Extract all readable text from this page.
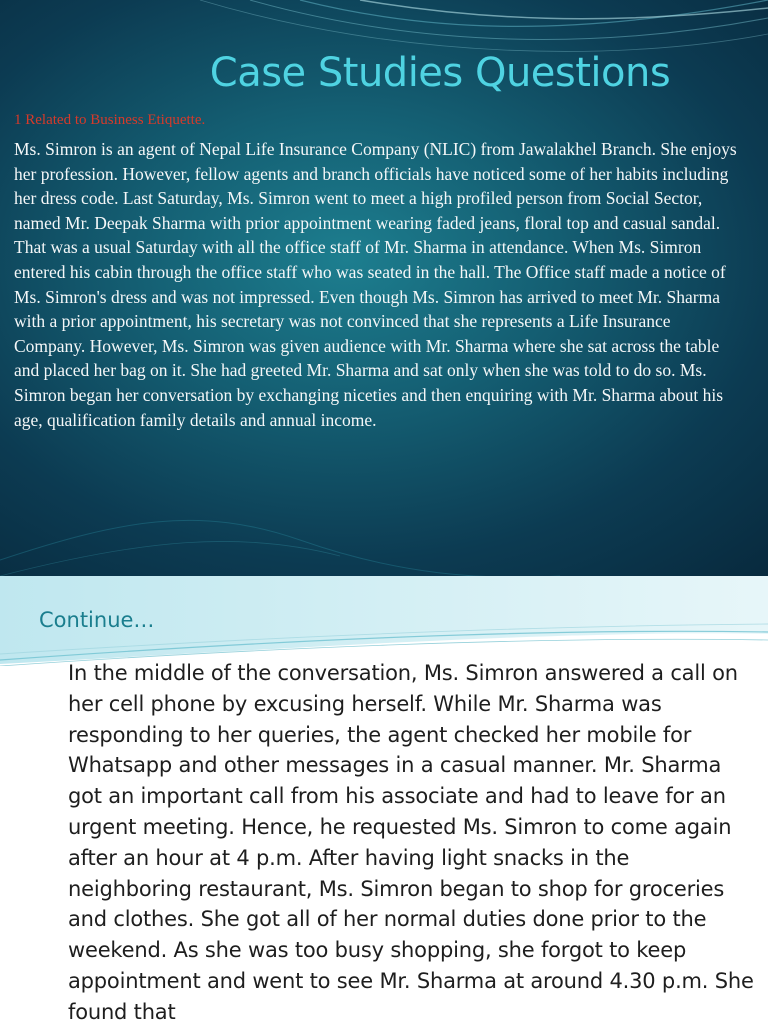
Case Studies Questions

1 Related to Business Etiquette.

Ms. Simron is an agent of Nepal Life Insurance Company (NLIC) from Jawalakhel Branch. She enjoys her profession. However, fellow agents and branch officials have noticed some of her habits including her dress code. Last Saturday, Ms. Simron went to meet a high profiled person from Social Sector, named Mr. Deepak Sharma with prior appointment wearing faded jeans, floral top and casual sandal. That was a usual Saturday with all the office staff of Mr. Sharma in attendance. When Ms. Simron entered his cabin through the office staff who was seated in the hall. The Office staff made a notice of Ms. Simron's dress and was not impressed. Even though Ms. Simron has arrived to meet Mr. Sharma with a prior appointment, his secretary was not convinced that she represents a Life Insurance Company. However, Ms. Simron was given audience with Mr. Sharma where she sat across the table and placed her bag on it. She had greeted Mr. Sharma and sat only when she was told to do so. Ms. Simron began her conversation by exchanging niceties and then enquiring with Mr. Sharma about his age, qualification family details and annual income.

Continue…

In the middle of the conversation, Ms. Simron answered a call on her cell phone by excusing herself. While Mr. Sharma was responding to her queries, the agent checked her mobile for Whatsapp and other messages in a casual manner. Mr. Sharma got an important call from his associate and had to leave for an urgent meeting. Hence, he requested Ms. Simron to come again after an hour at 4 p.m. After having light snacks in the neighboring restaurant, Ms. Simron began to shop for groceries and clothes. She got all of her normal duties done prior to the weekend. As she was too busy shopping, she forgot to keep appointment and went to see Mr. Sharma at around 4.30 p.m. She found that
